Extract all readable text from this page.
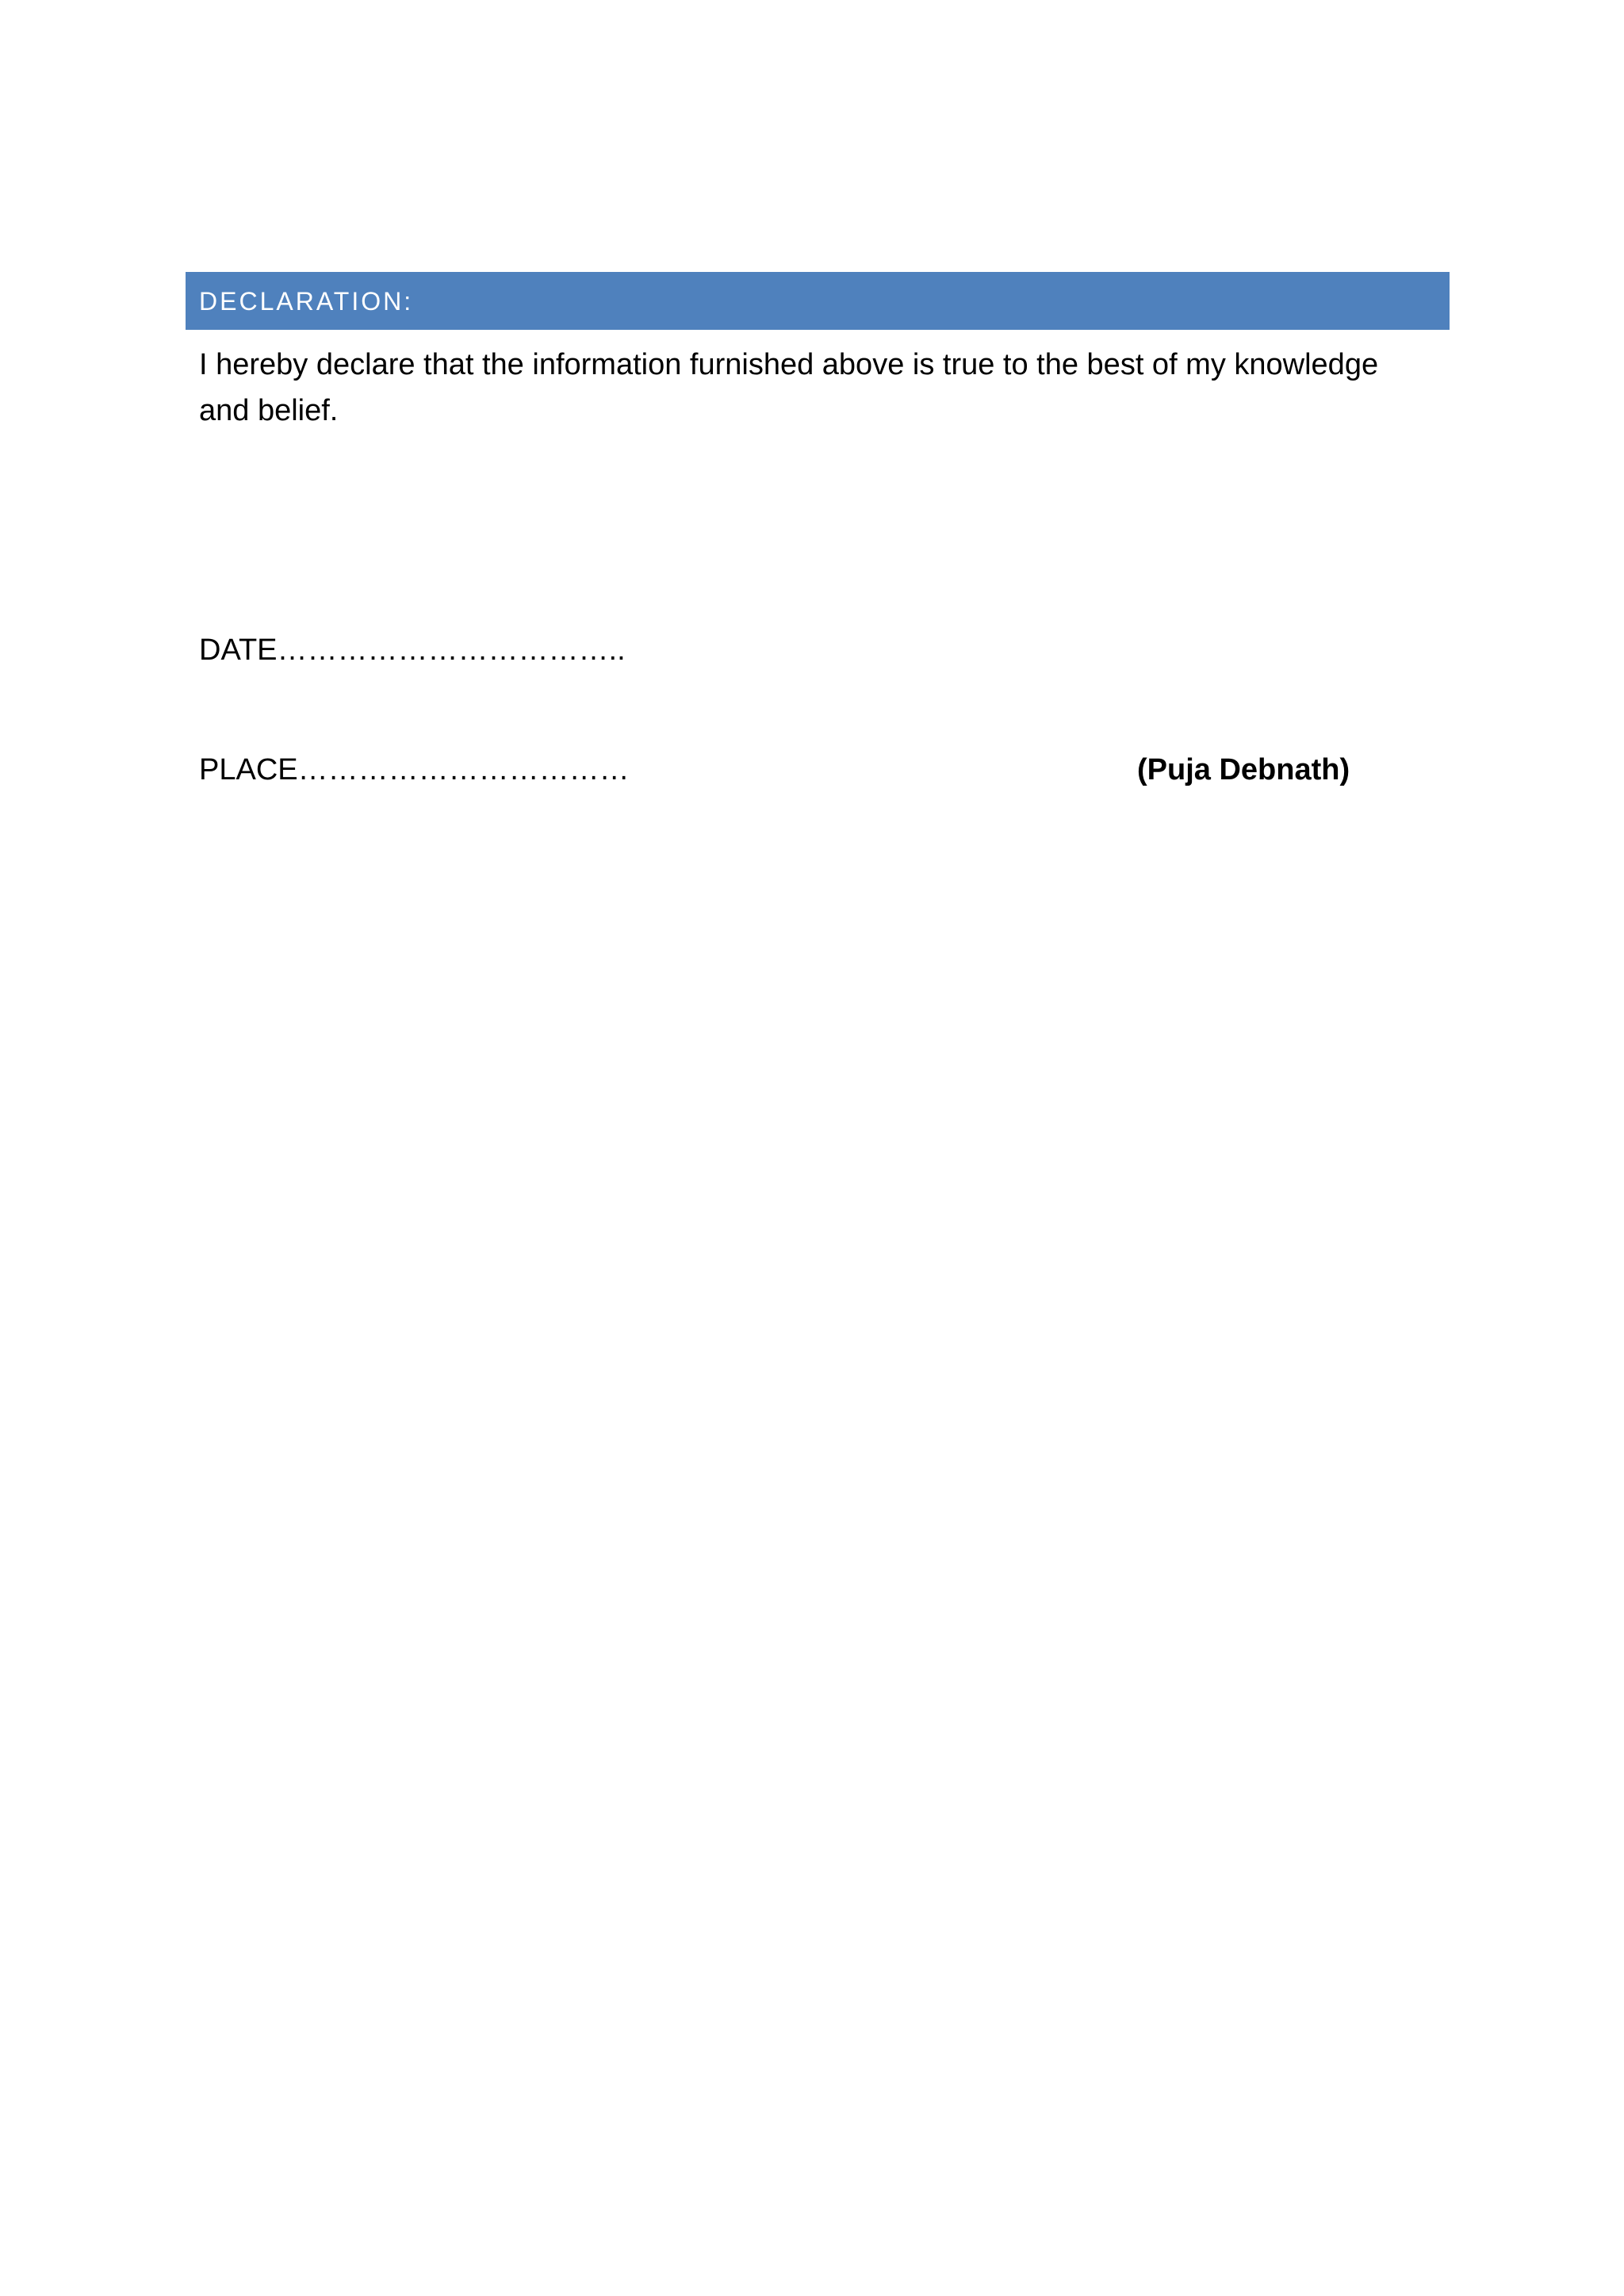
DECLARATION:
I hereby declare that the information furnished above is true to the best of my knowledge and belief.
DATE……………………………..
PLACE……………………………	(Puja Debnath)
